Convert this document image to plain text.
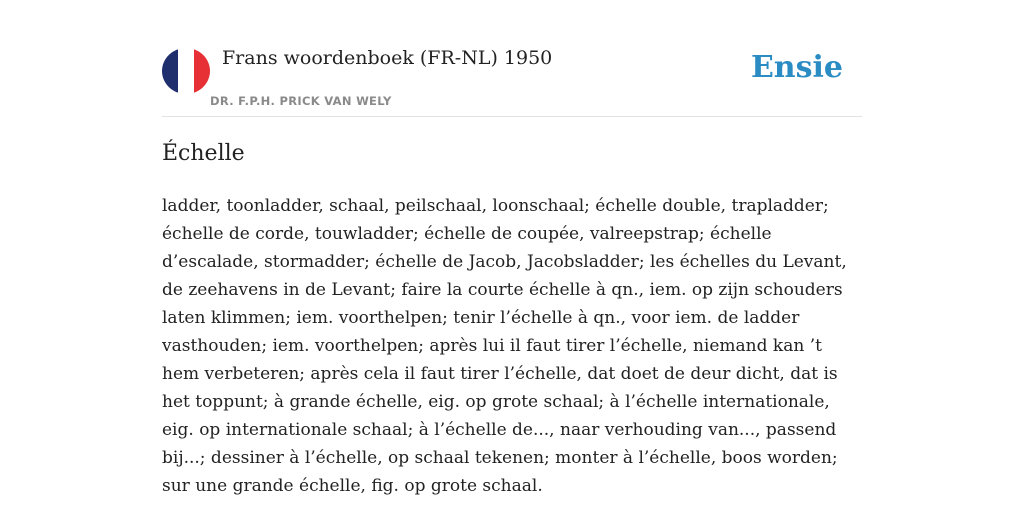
Frans woordenboek (FR-NL) 1950
DR. F.P.H. PRICK VAN WELY
Ensie
Échelle

ladder, toonladder, schaal, peilschaal, loonschaal; échelle double, trapladder; échelle de corde, touwladder; échelle de coupée, valreepstrap; échelle d’escalade, stormadder; échelle de Jacob, Jacobsladder; les échelles du Levant, de zeehavens in de Levant; faire la courte échelle à qn., iem. op zijn schouders laten klimmen; iem. voorthelpen; tenir l’échelle à qn., voor iem. de ladder vasthouden; iem. voorthelpen; après lui il faut tirer l’échelle, niemand kan ’t hem verbeteren; après cela il faut tirer l’échelle, dat doet de deur dicht, dat is het toppunt; à grande échelle, eig. op grote schaal; à l’échelle internationale, eig. op internationale schaal; à l’échelle de..., naar verhouding van..., passend bij...; dessiner à l’échelle, op schaal tekenen; monter à l’échelle, boos worden; sur une grande échelle, fig. op grote schaal.
